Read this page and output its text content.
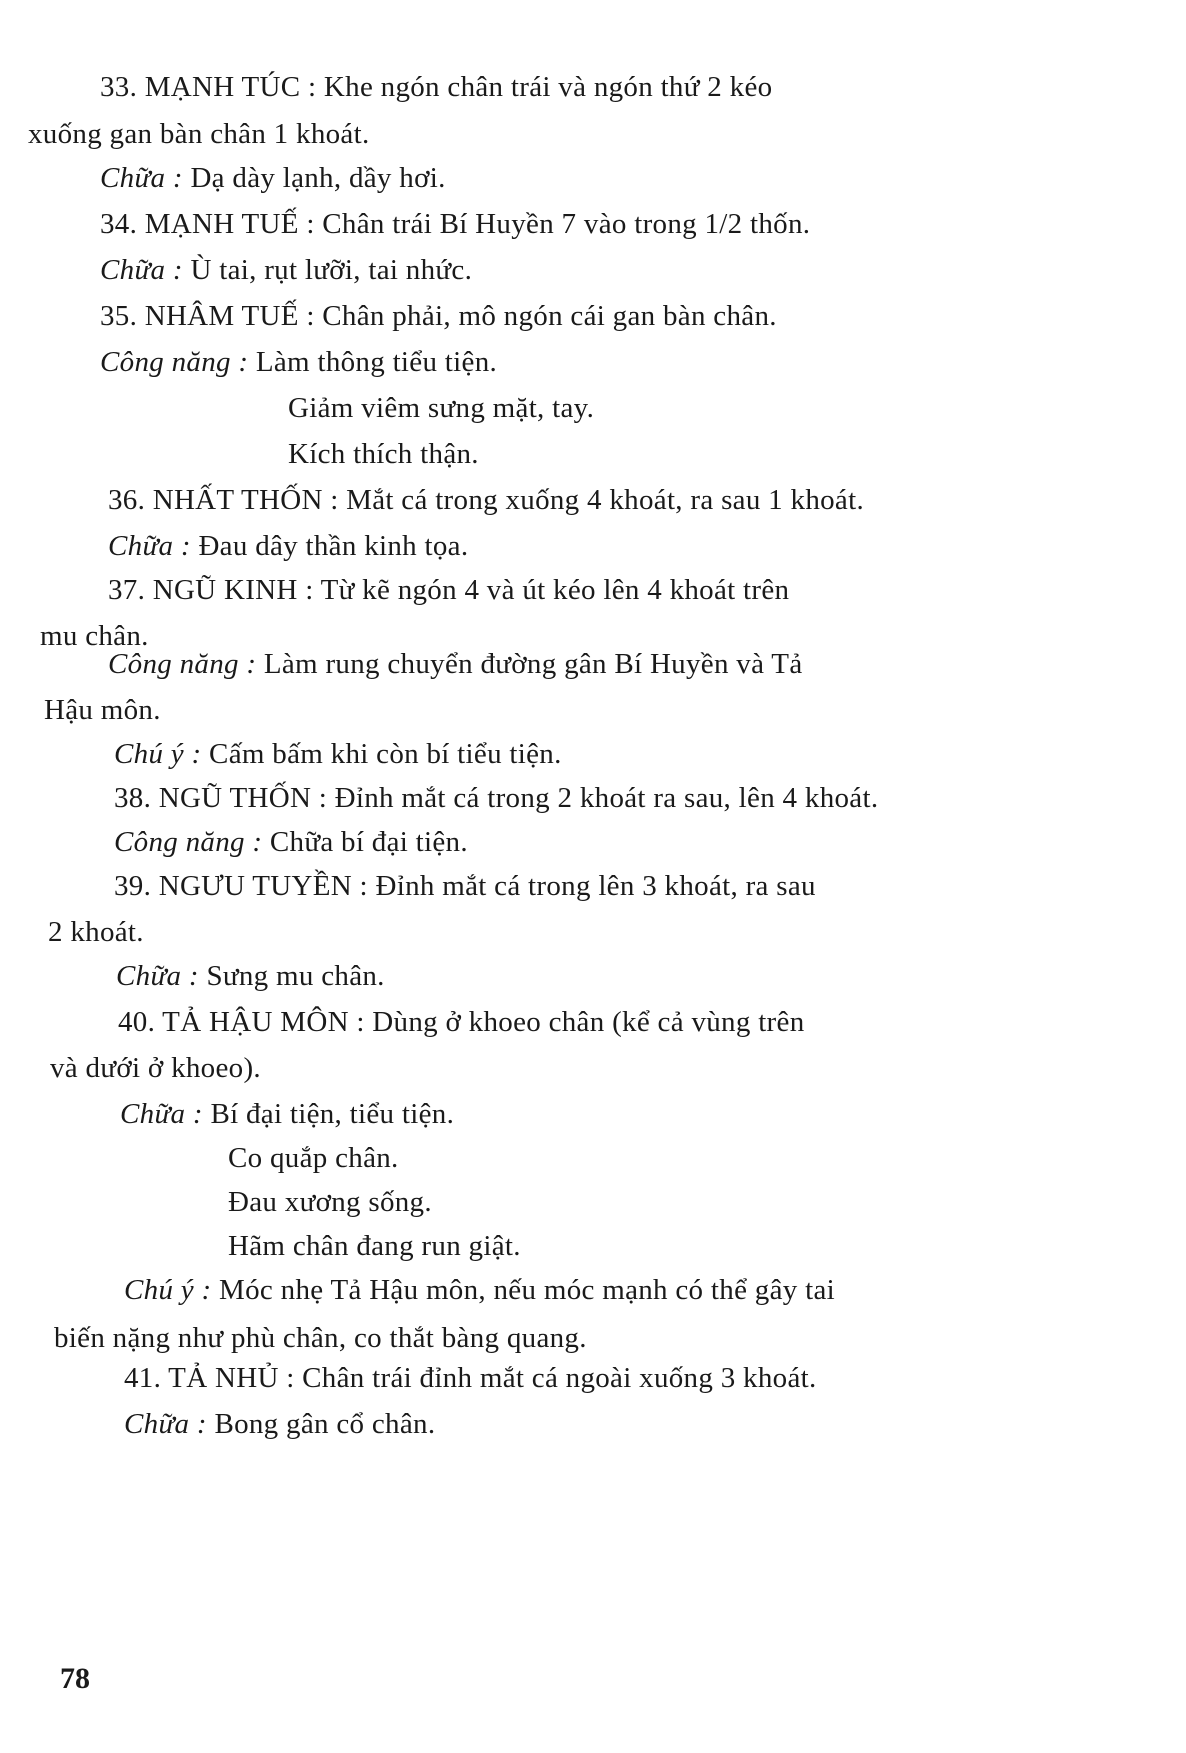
33. MẠNH TÚC : Khe ngón chân trái và ngón thứ 2 kéo
xuống gan bàn chân 1 khoát.
Chữa : Dạ dày lạnh, dầy hơi.
34. MẠNH TUẾ : Chân trái Bí Huyền 7 vào trong 1/2 thốn.
Chữa : Ù tai, rụt lưỡi, tai nhức.
35. NHÂM TUẾ : Chân phải, mô ngón cái gan bàn chân.
Công năng : Làm thông tiểu tiện.
Giảm viêm sưng mặt, tay.
Kích thích thận.
36. NHẤT THỐN : Mắt cá trong xuống 4 khoát, ra sau 1 khoát.
Chữa : Đau dây thần kinh tọa.
37. NGŨ KINH : Từ kẽ ngón 4 và út kéo lên 4 khoát trên
mu chân.
Công năng : Làm rung chuyển đường gân Bí Huyền và Tả
Hậu môn.
Chú ý : Cấm bấm khi còn bí tiểu tiện.
38. NGŨ THỐN : Đỉnh mắt cá trong 2 khoát ra sau, lên 4 khoát.
Công năng : Chữa bí đại tiện.
39. NGƯU TUYỀN : Đỉnh mắt cá trong lên 3 khoát, ra sau
2 khoát.
Chữa : Sưng mu chân.
40. TẢ HẬU MÔN : Dùng ở khoeo chân (kể cả vùng trên
và dưới ở khoeo).
Chữa : Bí đại tiện, tiểu tiện.
Co quắp chân.
Đau xương sống.
Hãm chân đang run giật.
Chú ý : Móc nhẹ Tả Hậu môn, nếu móc mạnh có thể gây tai
biến nặng như phù chân, co thắt bàng quang.
41. TẢ NHỦ : Chân trái đỉnh mắt cá ngoài xuống 3 khoát.
Chữa : Bong gân cổ chân.
78
